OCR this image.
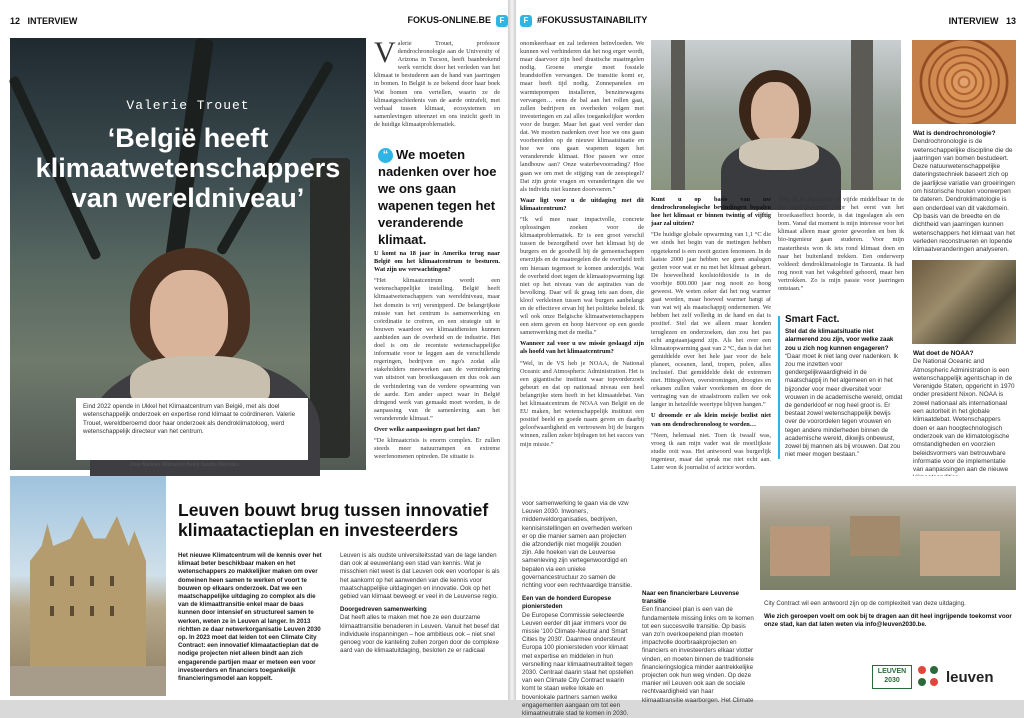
12 INTERVIEW	FOKUS-ONLINE.BE F	F #FOKUSSUSTAINABILITY	INTERVIEW 13
Valerie Trouet
‘België heeft klimaatwetenschappers van wereldniveau’
Eind 2022 opende in Ukkel het Klimaatcentrum van België, met als doel wetenschappelijk onderzoek en expertise rond klimaat te coördineren. Valerie Trouet, wereldberoemd door haar onderzoek als dendroklimatoloog, werd wetenschappelijk directeur van het centrum.
Door Marleen Walravens Beeld Sandra Mermans

Valerie Trouet, professor dendrochronologie aan de University of Arizona in Tucson, heeft baanbrekend werk verricht door het verleden van het klimaat te bestuderen aan de hand van jaarringen in bomen. In België is ze bekend door haar boek Wat bomen ons vertellen, waarin ze de klimaatgeschiedenis van de aarde ontrafelt, met verhaal tussen klimaat, ecosystemen en samenlevingen uiteenzet en ons inzicht geeft in de huidige klimaatproblematiek.

“ We moeten nadenken over hoe we ons gaan wapenen tegen het veranderende klimaat.

U komt na 18 jaar in Amerika terug naar België om het klimaatcentrum te besturen. Wat zijn uw verwachtingen?

“Het klimaatcentrum wordt een wetenschappelijke instelling. België heeft klimaatwetenschappers van wereldniveau, maar het domein is vrij versnipperd. De belangrijkste missie van het centrum is samenwerking en coördinatie te creëren, en een strategie uit te bouwen waardoor we klimaatdiensten kunnen aanbieden aan de overheid en de industrie. Het doel is om de recentste wetenschappelijke informatie voor te leggen aan de verschillende regeringen, bedrijven en ngo's zodat alle stakeholders meewerken aan de vermindering van uitstoot van broeikasgassen en dus ook aan de verhindering van de verdere opwarming van de aarde. Een ander aspect waar in België dringend werk van gemaakt moet worden, is de aanpassing van de samenleving aan het veranderende klimaat.”

Over welke aanpassingen gaat het dan?

“De klimaatcrisis is enorm complex. Er zullen steeds meer natuurrampen en extreme weerfenomenen optreden. De situatie is

onomkeerbaar en zal iedereen beïnvloeden. We kunnen wel verhinderen dat het nog erger wordt, maar daarvoor zijn heel drastische maatregelen nodig. Groene energie moet fossiele brandstoffen vervangen. De transitie komt er, maar heeft tijd nodig. Zonnepanelen en warmtepompen installeren, benzinewagens vervangen… eens de bal aan het rollen gaat, zullen bedrijven en overheden volgen met investeringen en zal alles toegankelijker worden voor de burger. Maar het gaat veel verder dan dat. We moeten nadenken over hoe we ons gaan voorbereiden op de nieuwe klimaatsituatie en hoe we ons gaan wapenen tegen het veranderende klimaat. Hoe passen we onze landbouw aan? Onze waterbevoorrading? Hoe gaan we om met de stijging van de zeespiegel? Dat zijn grote vragen en veranderingen die we als individu niet kunnen doorvoeren.”

Waar ligt voor u de uitdaging met dit klimaatcentrum?

“Ik wil mee naar impactvolle, concrete oplossingen zoeken voor de klimaatproblematiek. Er is een groot verschil tussen de bezorgdheid over het klimaat bij de burgers en de goodwill bij de gemeenschappen enerzijds en de maatregelen die de overheid treft om hieraan tegemoet te komen anderzijds. Wat de overheid doet tegen de klimaatopwarming ligt niet op het niveau van de aspiraties van de bevolking. Daar wil ik graag iets aan doen, die kloof verkleinen tussen wat burgers aanbelangt en de effectieve ervan bij het politieke beleid. Ik wil ook onze Belgische klimaatwetenschappers een stem geven en hoop hiervoor op een goede samenwerking met de media.”

Wanneer zal voor u uw missie geslaagd zijn als hoofd van het klimaatcentrum?

“Wel, in de VS heb je NOAA, de National Oceanic and Atmospheric Administration. Het is een gigantische instituut waar topvorderzoek gebeurt en dat op nationaal niveau een heel belangrijke stem heeft in het klimaatdebat. Van het klimaatcentrum de NOAA van België en de EU maken, het wetenschappelijk instituut een positief beeld en goede naam geven en daarbij geloofwaardigheid en vertrouwen bij de burgers winnen, zullen zeker bijdragen tot het succes van mijn missie.”

Kunt u op basis van uw dendrochronologische bevindingen bepalen hoe het klimaat er binnen twintig of vijftig jaar zal uitzien?

“De huidige globale opwarming van 1,1 °C die we sinds het begin van de metingen hebben opgetekend is een nooit gezien fenomeen. In de laatste 2000 jaar hebben we geen analogen gezien voor wat er nu met het klimaat gebeurt. De hoeveelheid koolstofdioxide is in de voorbije 800.000 jaar nog nooit zo hoog geweest. We weten zeker dat het nog warmer gaat worden, maar hoeveel warmer hangt af van wat wij als maatschappij ondernemen. We hebben het zelf volledig in de hand en dat is positief. Stel dat we alleen maar konden teruglezen en onderzoeken, dan zou het pas echt angstaanjagend zijn. Als het over een klimaatopwarming gaat van 2 °C, dan is dat het gemiddelde over het hele jaar voor de hele planeet, oceanen, land, tropen, polen, alles inclusief. Dat gemiddelde dekt de extremen niet. Hittegolven, overstromingen, droogtes en orkanen zullen vaker voorkomen en door de vertraging van de straalstroom zullen we ook langer in hetzelfde weertype blijven hangen.”

U droomde er als klein meisje bezlist niet van om dendrochronoloog te worden…

“Neen, helemaal niet. Toen ik twaalf was, vroeg ik aan mijn vader wat de moeilijkste studie ooit was. Het antwoord was burgerlijk ingenieur, maar dat sprak me niet echt aan. Later won ik journalist of actrice worden.

Toen ik in het vierde of vijfde middelbaar in de les aardrijkskunde voor het eerst van het broeikaseffect hoorde, is dat ingeslagen als een bom. Vanaf dat moment is mijn interesse voor het klimaat alleen maar groter geworden en ben ik bio-ingenieur gaan studeren. Voor mijn masterthesis won ik iets rond klimaat doen en naar het buitenland trekken. Een onderwerp voldeed: dendroklimatologie in Tanzania. Ik had nog nooit van het vakgebied gehoord, maar ben vertrokken. Zo is mijn passie voor jaarringen ontstaan.”

Smart Fact.

Stel dat de klimaatsituatie niet alarmerend zou zijn, voor welke zaak zou u zich nog kunnen engageren?

“Daar moet ik niet lang over nadenken. Ik zou me inzetten voor gendergelijkwaardigheid in de maatschappij in het algemeen en in het bijzonder voor meer diversiteit voor vrouwen in de academische wereld, omdat de genderkloof er nog heel groot is. Er bestaat zowel wetenschappelijk bewijs over de voorordelen tegen vrouwen en tegen andere minderheden binnen de academische wereld, dikwijls onbewust, zowel bij mannen als bij vrouwen. Dat zou niet meer mogen bestaan.”

Wat is dendrochronologie?

Dendrochronologie is de wetenschappelijke discipline die de jaarringen van bomen bestudeert. Deze natuurwetenschappelijke dateringstechniek baseert zich op de jaarlijkse variatie van groeiringen om historische houten voorwerpen te dateren. Dendroklimatologie is een onderdeel van dit vakdomein. Op basis van de breedte en de dichtheid van jaarringen kunnen wetenschappers het klimaat van het verleden reconstrueren en lopende klimaatveranderingen analyseren.

Wat doet de NOAA?

De National Oceanic and Atmospheric Administration is een wetenschappelijk agentschap in de Verenigde Staten, opgericht in 1970 onder president Nixon. NOAA is zowel nationaal als internationaal een autoriteit in het globale klimaatdebat. Wetenschappers doen er aan hoogtechnologisch onderzoek van de klimatologische omstandigheden en voorzien beleidsvormers van betrouwbare informatie voor de implementatie van aanpassingen aan de nieuwe

Leuven bouwt brug tussen innovatief klimaatactieplan en investeerders
Het nieuwe Klimatcentrum wil de kennis over het klimaat beter beschikbaar maken en het wetenschappers zo makkelijker maken om over domeinen heen samen te werken of voort te bouwen op elkaars onderzoek. Dat we een maatschappelijke uitdaging zo complex als die van de klimaattransitie enkel maar de baas kunnen door intensief en structureel samen te werken, weten ze in Leuven al langer. In 2013 richtten ze daar netwerkorganisatie Leuven 2030 op. In 2023 moet dat leiden tot een Climate City Contract: een innovatief klimaatactieplan dat de nodige projecten niet alleen bindt aan zich engagerende partijen maar er meteen een voor investeerders en financiers toegankelijk financieringsmodel aan koppelt.

Leuven is als oudste universiteitsstad van de lage landen dan ook al eeuwenlang een stad van kennis. Wat je misschien niet weet is dat Leuven ook een voorloper is als het aankomt op het aanwenden van die kennis voor maatschappelijke uitdagingen en innovatie. Ook op het gebied van klimaat beweegt er veel in de Leuvense regio.

Doorgedreven samenwerking

Dat heeft alles te maken met hoe ze een duurzame klimaattransitie benaderen in Leuven. Vanuit het besef dat individuele inspanningen – hoe ambitieus ook – niet snel genoeg voor de kanteling zullen zorgen door de complexe aard van de klimaatuitdaging, besloten ze er radicaal

voor samenwerking te gaan via de vzw Leuven 2030. Inwoners, middenveldorganisaties, bedrijven, kennisinstellingen en overheden werken er op die manier samen aan projecten die afzonderlijk niet mogelijk zouden zijn. Alle hoeken van de Leuvense samenleving zijn vertegenwoordigd en bepalen via een unieke governancestructuur zo samen de richting voor een rechtvaardige transitie.

Een van de honderd Europese pioniersteden

De Europese Commissie selecteerde Leuven eerder dit jaar immers voor de missie '100 Climate-Neutral and Smart Cities by 2030'. Daarmee ondersteunt Europa 100 pioniersteden voor klimaat met expertise en middelen in hun versnelling naar klimaatneutraliteit tegen 2030. Centraal daarin staat het opstellen van een Climate City Contract waarin komt te staan welke lokale en bovenlokale partners samen welke engagementen aangaan om tot een klimaatneutrale stad te komen in 2030.

Naar een financierbare Leuvense transitie

Een financieel plan is een van de fundamentele missing links om te komen tot een succesvolle transitie. Op basis van zo'n overkoepelend plan moeten impactvolle doorbraakprojecten en financiers en investeerders elkaar vlotter vinden, en moeten binnen de traditionele financieringslogica minder aantrekkelijke projecten ook hun weg vinden. Op deze manier wil Leuven ook aan de sociale rechtvaardigheid van haar klimaattransitie waarborgen. Het Climate

City Contract wil een antwoord zijn op de complexiteit van deze uitdaging.

Wie zich geroepen voelt om ook bij te dragen aan dit heel ingrijpende toekomst voor onze stad, kan dat laten weten via info@leuven2030.be.

LEUVEN 2030	leuven
